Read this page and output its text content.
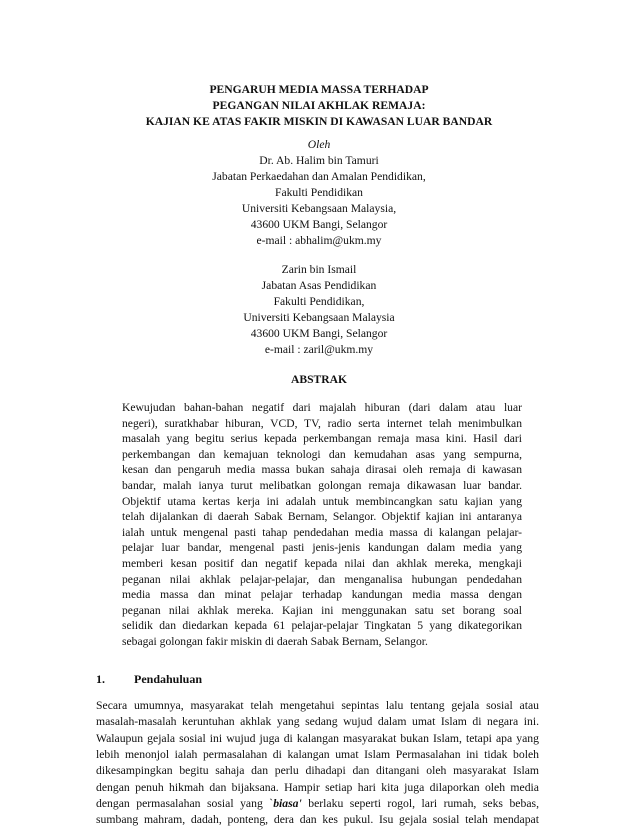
PENGARUH MEDIA MASSA TERHADAP
PEGANGAN NILAI AKHLAK REMAJA:
KAJIAN KE ATAS FAKIR MISKIN DI KAWASAN LUAR BANDAR
Oleh
Dr. Ab. Halim bin Tamuri
Jabatan Perkaedahan dan Amalan Pendidikan,
Fakulti Pendidikan
Universiti Kebangsaan Malaysia,
43600 UKM Bangi, Selangor
e-mail : abhalim@ukm.my
Zarin bin Ismail
Jabatan Asas Pendidikan
Fakulti Pendidikan,
Universiti Kebangsaan Malaysia
43600 UKM Bangi, Selangor
e-mail : zaril@ukm.my
ABSTRAK
Kewujudan bahan-bahan negatif dari majalah hiburan (dari dalam atau luar
negeri), suratkhabar hiburan, VCD, TV, radio serta internet telah menimbulkan
masalah yang begitu serius kepada perkembangan remaja masa kini. Hasil dari
perkembangan dan kemajuan teknologi dan kemudahan asas yang sempurna,
kesan dan pengaruh media massa bukan sahaja dirasai oleh remaja di kawasan
bandar, malah ianya turut melibatkan golongan remaja dikawasan luar bandar.
Objektif utama kertas kerja ini adalah untuk membincangkan satu kajian yang
telah dijalankan di daerah Sabak Bernam, Selangor. Objektif kajian ini antaranya
ialah untuk mengenal pasti tahap pendedahan media massa di kalangan pelajar-
pelajar luar bandar, mengenal pasti jenis-jenis kandungan dalam media yang
memberi kesan positif dan negatif kepada nilai dan akhlak mereka, mengkaji
peganan nilai akhlak pelajar-pelajar, dan menganalisa hubungan pendedahan
media massa dan minat pelajar terhadap kandungan media massa dengan
peganan nilai akhlak mereka. Kajian ini menggunakan satu set borang soal
selidik dan diedarkan kepada 61 pelajar-pelajar Tingkatan 5 yang dikategorikan
sebagai golongan fakir miskin di daerah Sabak Bernam, Selangor.
1. Pendahuluan
Secara umumnya, masyarakat telah mengetahui sepintas lalu tentang gejala sosial atau
masalah-masalah keruntuhan akhlak yang sedang wujud dalam umat Islam di negara ini.
Walaupun gejala sosial ini wujud juga di kalangan masyarakat bukan Islam, tetapi apa yang
lebih menonjol ialah permasalahan di kalangan umat Islam Permasalahan ini tidak boleh
dikesampingkan begitu sahaja dan perlu dihadapi dan ditangani oleh masyarakat Islam
dengan penuh hikmah dan bijaksana. Hampir setiap hari kita juga dilaporkan oleh media
dengan permasalahan sosial yang `biasa' berlaku seperti rogol, lari rumah, seks bebas,
sumbang mahram, dadah, ponteng, dera dan kes pukul. Isu gejala sosial telah mendapat
